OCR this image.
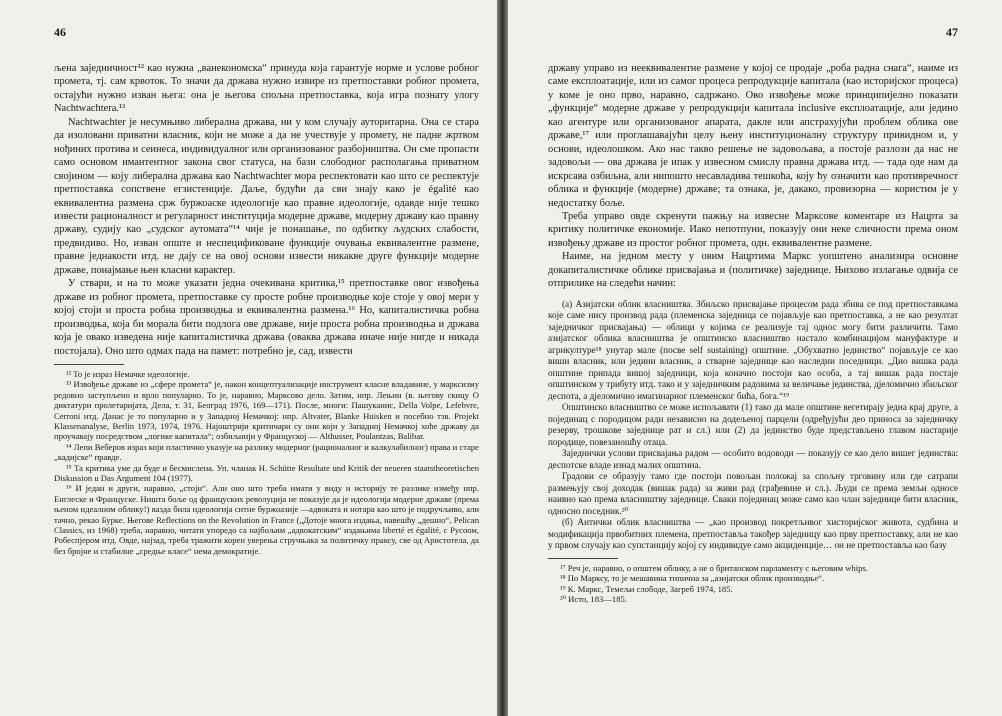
46

љена заједничност¹² као нужна „ванекономска“ принуда која гарантује норме и услове робног промета, тј. сам крвоток. То значи да држава нужно извире из претпоставки робног промета, остајући нужно изван њега: она је његова спољна претпоставка, која игра познату улогу Nachtwachtera.¹³

Nachtwachter је несумњиво либерална држава, ни у ком случају ауторитарна. Она се стара да изоловани приватни власник, који не може а да не учествује у промету, не падне жртвом нођиних протива и сеинеса, индивидуалног или организованог разбојништва. Он сме пропасти само основом имантентног закона свог статуса, на бази слободног располагања приватном својином — коју либерална држава као Nachtwachter мора респектовати као што се респектује претпоставка сопствене егзистенције. Даље, будући да сви знају како је égalité као еквивалентна размена срж буржоаске идеологије као правне идеологије, одавде није тешко извести рационалност и регуларност институција модерне државе, модерну државу као правну државу, судију као „судског аутомата“¹⁴ чије је понашање, по одбитку људских слабости, предвидиво. Но, изван опште и неспецификоване функције очувања еквивалентне размене, правне једнакости итд. не дају се на овој основи извести никакве друге функције модерне државе, понајмање њен класни карактер.

У ствари, и на то може указати једна очекивана критика,¹⁵ претпоставке овог извођења државе из робног промета, претпоставке су просте робне производње које стоје у овој мери у којој стоји и проста робна производња и еквивалентна размена.¹⁶ Но, капиталистичка робна производња, која би морала бити подлога ове државе, није проста робна производња и држава која је овако изведена није капиталистичка држава (оваква држава иначе није нигде и никада постојала). Оно што одмах пада на памет: потребно је, сад, извести

¹² То је израз Немачке идеологије.

¹³ Извођење државе из „сфере промета“ је, након концептуализације инструмент класне владавине, у марксизму редовно заступљено и врло популарно. То је, наравно, Марксово дело. Затим, нпр. Лењин (в. његову скицу О диктатури пролетаријата, Дела, т. 31, Београд 1976, 169—171). После, многи: Пашуканис, Della Volpe, Lefebvre, Cerroni итд. Данас је то популарно и у Западној Немачкој: нпр. Altvater, Blanke Huisken и посебно тзв. Projekt Klassenanalyse, Berlin 1973, 1974, 1976. Најоштрији критичари су они који у Западној Немачкој хоће државу да проучавају посредством „логике капитала“; озбиљнији у Француској — Althusser, Poulantzas, Balibar.

¹⁴ Лепи Веберов израз који пластично указује на разлику модерног (рационалног и калкулабилног) права и старе „кадијске“ правде.

¹⁵ Та критика уме да буде и бесмислена. Уп. чланак H. Schütte Resultate und Kritik der neueren staatstheoretischen Diskussion u Das Argument 104 (1977).

¹⁶ И један и други, наравно, „стоји“. Али оно што треба имати у виду и историју те разлике између нпр. Енглеске и Француске. Ништа боље од француских револуција не показује да је идеологија модерне државе (према њеном идеалном облику!) вазда била идеологија ситне буржоазије —адвоката и нотара као што је подручљиво, али тачно, рекао Бурке. Његове Reflections on the Revolution in France („Дотоје многа издања, навешћу „дешно“, Pelican Classics, из 1968) треба, наравно, читати упоредо са најбољим „адвокатским“ издањима liberté et égalité, с Русоом, Робеспјером итд. Овде, најзад, треба тражити корен уверења стручњака за политичку праксу, све од Аристотела, да без бројне и стабилне „средње класе“ нема демократије.

47

државу управо из нееквивалентне размене у којој се продаје „роба радна снага“, наиме из саме експлоатације, или из самог процеса репродукције капитала (као историјског процеса) у коме је оно прво, наравно, садржано. Ово извођење може принципијелно показати „функције“ модерне државе у репродукцији капитала inclusive експлоатације, али једино као агентуре или организованог апарата, дакле или апстрахујући проблем облика ове државе,¹⁷ или проглашавајући целу њену институционалну структуру привидном и, у основи, идеолошком. Ако нас такво решење не задовољава, а постоје разлози да нас не задовољи — ова држава је ипак у извесном смислу правна држава итд. — тада оде нам да искрсава озбиљна, али нипошто несавладива тешкоћа, коју ћу означити као противречност облика и функције (модерне) државе; та ознака, је, дакако, провизорна — користим је у недостатку боље.

Треба управо овде скренути пажњу на извесне Марксове коментаре из Нацрта за критику политичке економије. Иако непотпуни, показују они неке сличности према оном извођењу државе из простог робног промета, одн. еквивалентне размене.

Наиме, на једном месту у овим Нацртима Маркс уопштено анализира основне докапиталистичке облике присвајања и (политичке) заједнице. Њихово излагање одвија се отприлике на следећи начин:

(а) Азијатски облик власништва. Збиљско присвајање процесом рада збива се под претпоставкама које саме нису производ рада (племенска заједница се појављује као претпоставка, а не као резултат заједничког присвајања) — облици у којима се реализује тај однос могу бити различити. Тамо азијатског облика власништва је општинско власништво настало комбинацијом мануфактуре и агрикултуре¹⁸ унутар мале (посве self sustaining) општине. „Обухватно јединство“ појављује се као виши власник, или једини власник, а стварне заједнице као наследни поседници. „Дио вишка рада општине припада вишој заједници, која коначно постоји као особа, а тај вишак рада постаје општинском у трибуту итд. тако и у заједничким радовима за величање јединства, дјеломично збиљског деспота, а дјеломично имагинарног племенског бића, бога.“¹⁹

Општинско власништво се може испољавати (1) тако да мале општине вегетирају једна крај друге, а појединац с породицом ради независно на додељеној парцели (одређујући део приноса за заједничку резерву, трошкове заједнице рат и сл.) или (2) да јединство буде представљено главом настарије породице, повезаношћу отаца.

Заједнички услови присвајања радом — особито водоводи — показују се као дело вишег јединства: деспотске владе изнад малих општина.

Градови се образују тамо где постоји повољан положај за спољну трговину или где сатрапи размењују свој доходак (вишак рада) за живи рад (грађевине и сл.). Људи се према земљи односе наивно као према власништву заједнице. Сваки појединац може само као члан заједнице бити власник, односно поседник.²⁰

(б) Антички облик власништва — „као производ покретљивог хисторијског живота, судбина и модификација првобитних племена, претпоставља такођер заједницу као прву претпоставку, али не као у првом случају као супстанцију којој су индивидуе само акциденције… он не претпоставља као базу

¹⁷ Реч је, наравно, о општем облику, а не о британском парламенту с његовим whips.

¹⁸ По Марксу, то је мешавина типична за „азијатски облик производње“.

¹⁹ К. Маркс, Темељи слободе, Загреб 1974, 185.

²⁰ Исто, 183—185.
